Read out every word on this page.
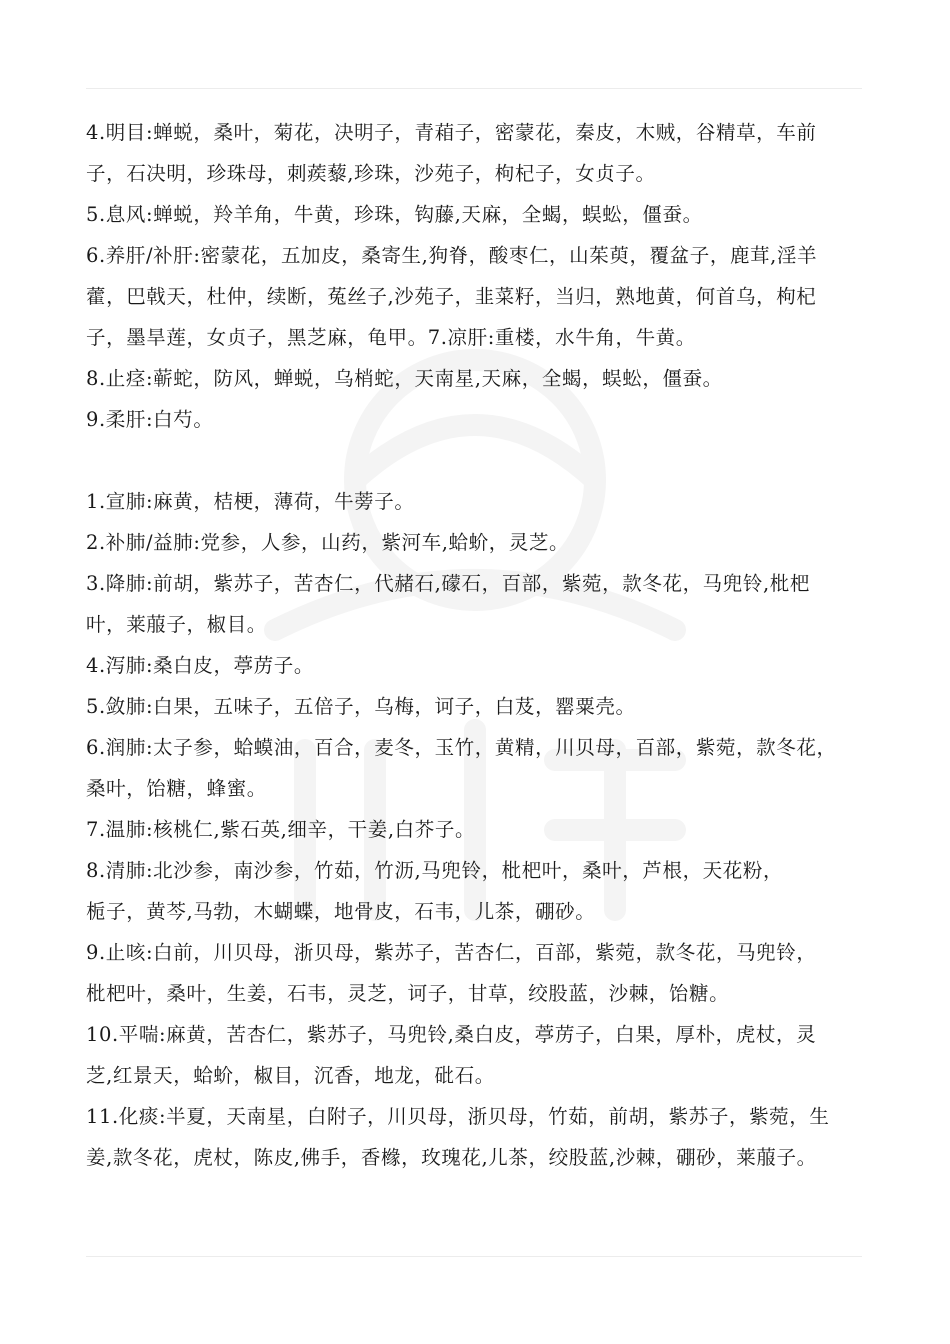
4.明目:蝉蜕，桑叶，菊花，决明子，青葙子，密蒙花，秦皮，木贼，谷精草，车前
子，石决明，珍珠母，刺蒺藜,珍珠，沙苑子，枸杞子，女贞子。
5.息风:蝉蜕，羚羊角，牛黄，珍珠，钩藤,天麻，全蝎，蜈蚣，僵蚕。
6.养肝/补肝:密蒙花，五加皮，桑寄生,狗脊，酸枣仁，山茱萸，覆盆子，鹿茸,淫羊
藿，巴戟天，杜仲，续断，菟丝子,沙苑子，韭菜籽，当归，熟地黄，何首乌，枸杞
子，墨旱莲，女贞子，黑芝麻，龟甲。7.凉肝:重楼，水牛角，牛黄。
8.止痉:蕲蛇，防风，蝉蜕，乌梢蛇，天南星,天麻，全蝎，蜈蚣，僵蚕。
9.柔肝:白芍。
1.宣肺:麻黄，桔梗，薄荷，牛蒡子。
2.补肺/益肺:党参，人参，山药，紫河车,蛤蚧，灵芝。
3.降肺:前胡，紫苏子，苦杏仁，代赭石,礞石，百部，紫菀，款冬花，马兜铃,枇杷
叶，莱菔子，椒目。
4.泻肺:桑白皮，葶苈子。
5.敛肺:白果，五味子，五倍子，乌梅，诃子，白芨，罂粟壳。
6.润肺:太子参，蛤蟆油，百合，麦冬，玉竹，黄精，川贝母，百部，紫菀，款冬花，
桑叶，饴糖，蜂蜜。
7.温肺:核桃仁,紫石英,细辛，干姜,白芥子。
8.清肺:北沙参，南沙参，竹茹，竹沥,马兜铃，枇杷叶，桑叶，芦根，天花粉，
栀子，黄芩,马勃，木蝴蝶，地骨皮，石韦，儿茶，硼砂。
9.止咳:白前，川贝母，浙贝母，紫苏子，苦杏仁，百部，紫菀，款冬花，马兜铃，
枇杷叶，桑叶，生姜，石韦，灵芝，诃子，甘草，绞股蓝，沙棘，饴糖。
10.平喘:麻黄，苦杏仁，紫苏子，马兜铃,桑白皮，葶苈子，白果，厚朴，虎杖，灵
芝,红景天，蛤蚧，椒目，沉香，地龙，砒石。
11.化痰:半夏，天南星，白附子，川贝母，浙贝母，竹茹，前胡，紫苏子，紫菀，生
姜,款冬花，虎杖，陈皮,佛手，香橼，玫瑰花,儿茶，绞股蓝,沙棘，硼砂，莱菔子。
